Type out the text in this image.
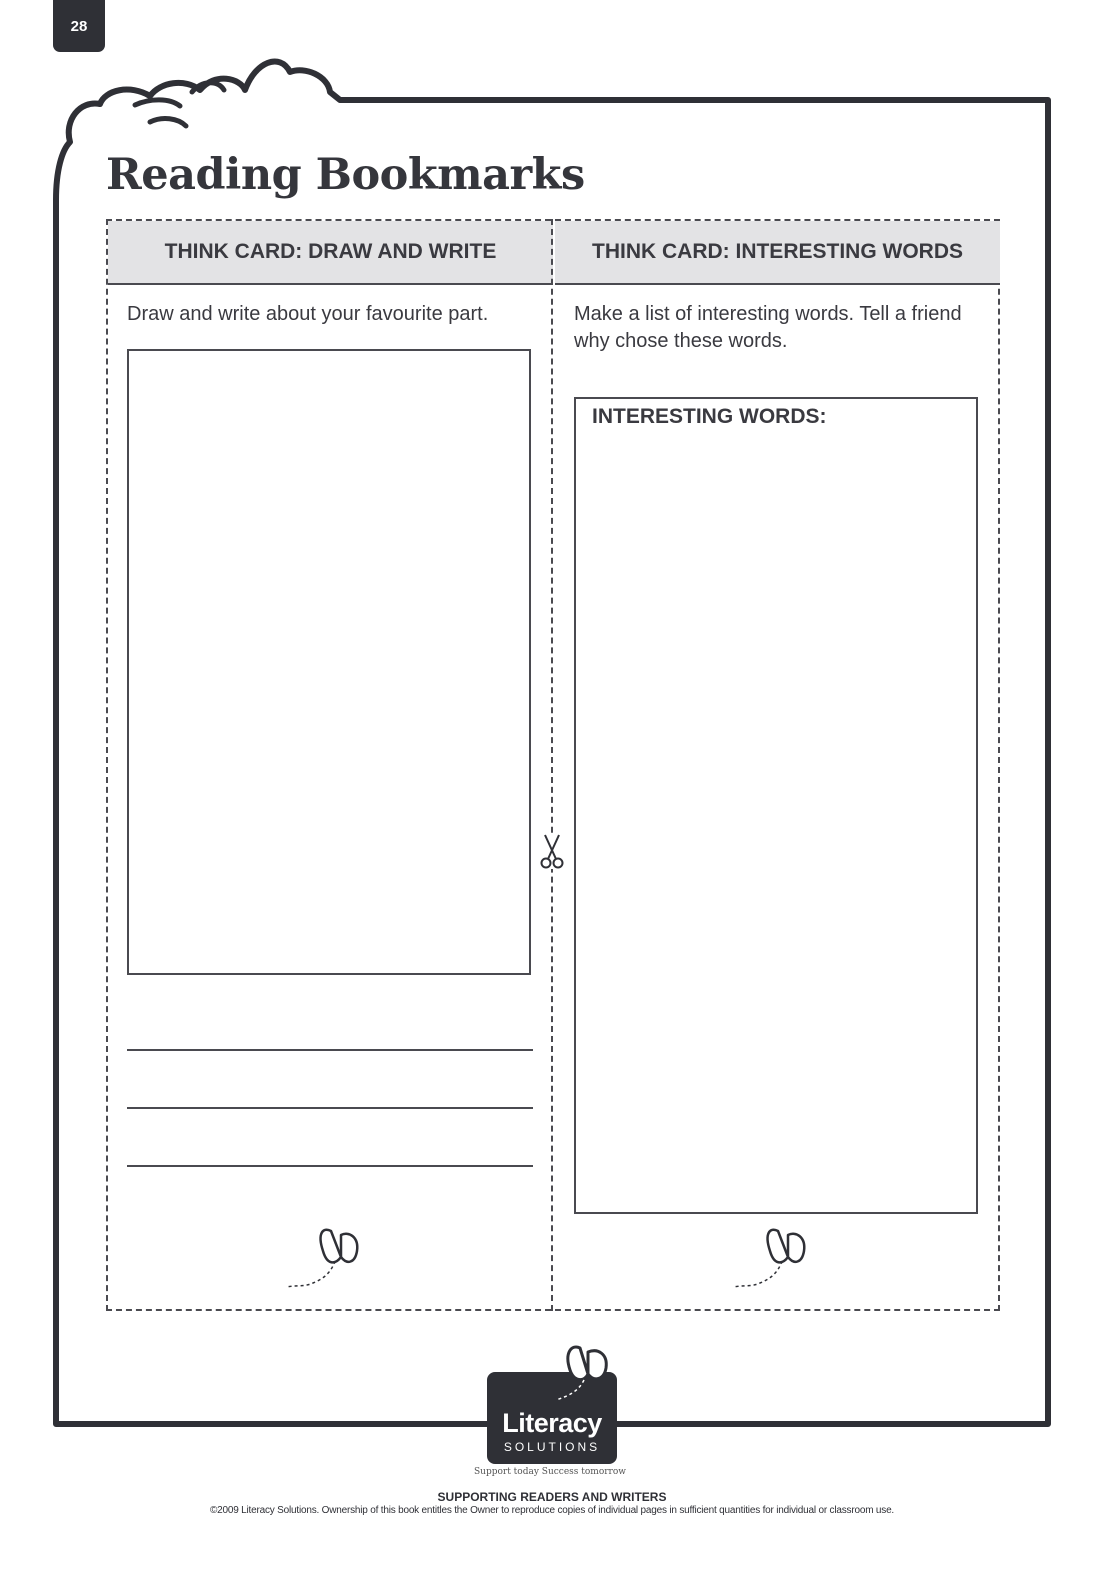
28
Reading Bookmarks
THINK CARD: DRAW AND WRITE

Draw and write about your favourite part.

THINK CARD: INTERESTING WORDS

Make a list of interesting words. Tell a friend why chose these words.

INTERESTING WORDS:
Literacy
SOLUTIONS
Support today Success tomorrow
SUPPORTING READERS AND WRITERS
©2009 Literacy Solutions. Ownership of this book entitles the Owner to reproduce copies of individual pages in sufficient quantities for individual or classroom use.
